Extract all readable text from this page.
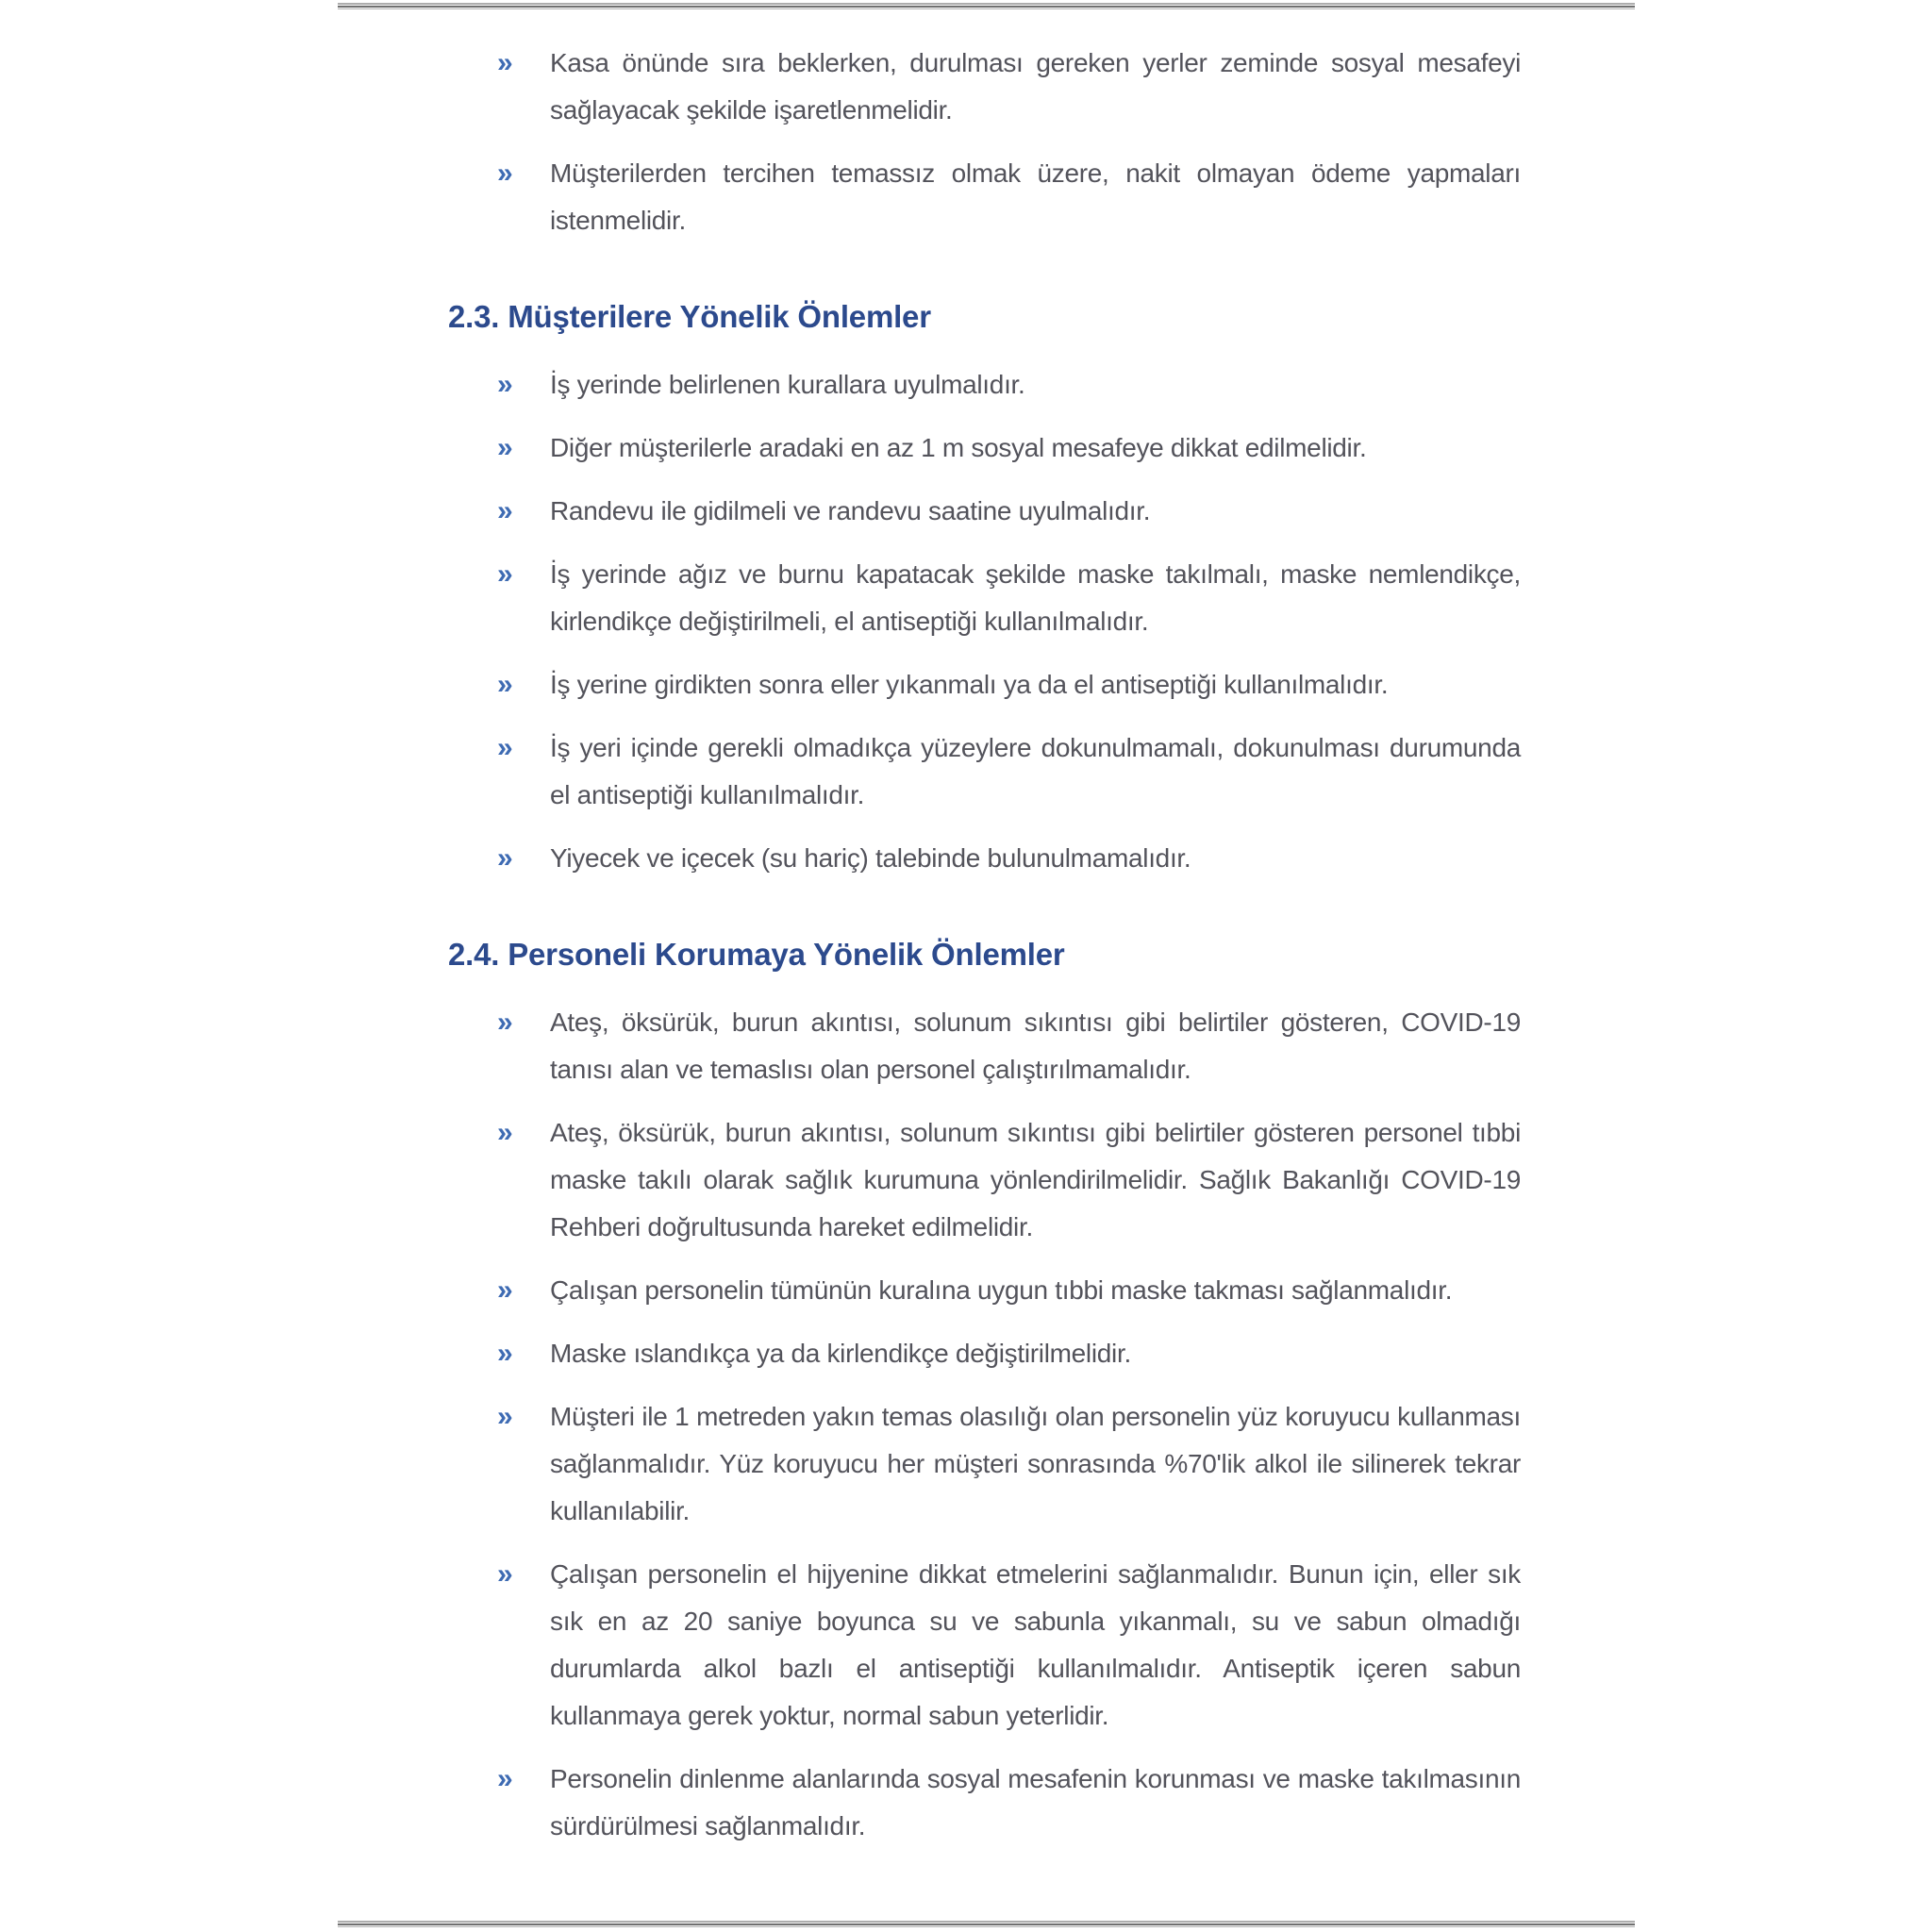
»	Kasa önünde sıra beklerken, durulması gereken yerler zeminde sosyal mesafeyi sağlayacak şekilde işaretlenmelidir.

»	Müşterilerden tercihen temassız olmak üzere, nakit olmayan ödeme yapmaları istenmelidir.

2.3. Müşterilere Yönelik Önlemler
»	İş yerinde belirlenen kurallara uyulmalıdır.

»	Diğer müşterilerle aradaki en az 1 m sosyal mesafeye dikkat edilmelidir.

»	Randevu ile gidilmeli ve randevu saatine uyulmalıdır.

»	İş yerinde ağız ve burnu kapatacak şekilde maske takılmalı, maske nemlendikçe, kirlendikçe değiştirilmeli, el antiseptiği kullanılmalıdır.

»	İş yerine girdikten sonra eller yıkanmalı ya da el antiseptiği kullanılmalıdır.

»	İş yeri içinde gerekli olmadıkça yüzeylere dokunulmamalı, dokunulması durumunda el antiseptiği kullanılmalıdır.

»	Yiyecek ve içecek (su hariç) talebinde bulunulmamalıdır.

2.4. Personeli Korumaya Yönelik Önlemler
»	Ateş, öksürük, burun akıntısı, solunum sıkıntısı gibi belirtiler gösteren, COVID-19 tanısı alan ve temaslısı olan personel çalıştırılmamalıdır.

»	Ateş, öksürük, burun akıntısı, solunum sıkıntısı gibi belirtiler gösteren personel tıbbi maske takılı olarak sağlık kurumuna yönlendirilmelidir. Sağlık Bakanlığı COVID-19 Rehberi doğrultusunda hareket edilmelidir.

»	Çalışan personelin tümünün kuralına uygun tıbbi maske takması sağlanmalıdır.

»	Maske ıslandıkça ya da kirlendikçe değiştirilmelidir.

»	Müşteri ile 1 metreden yakın temas olasılığı olan personelin yüz koruyucu kullanması sağlanmalıdır. Yüz koruyucu her müşteri sonrasında %70'lik alkol ile silinerek tekrar kullanılabilir.

»	Çalışan personelin el hijyenine dikkat etmelerini sağlanmalıdır. Bunun için, eller sık sık en az 20 saniye boyunca su ve sabunla yıkanmalı, su ve sabun olmadığı durumlarda alkol bazlı el antiseptiği kullanılmalıdır. Antiseptik içeren sabun kullanmaya gerek yoktur, normal sabun yeterlidir.

»	Personelin dinlenme alanlarında sosyal mesafenin korunması ve maske takılmasının sürdürülmesi sağlanmalıdır.
